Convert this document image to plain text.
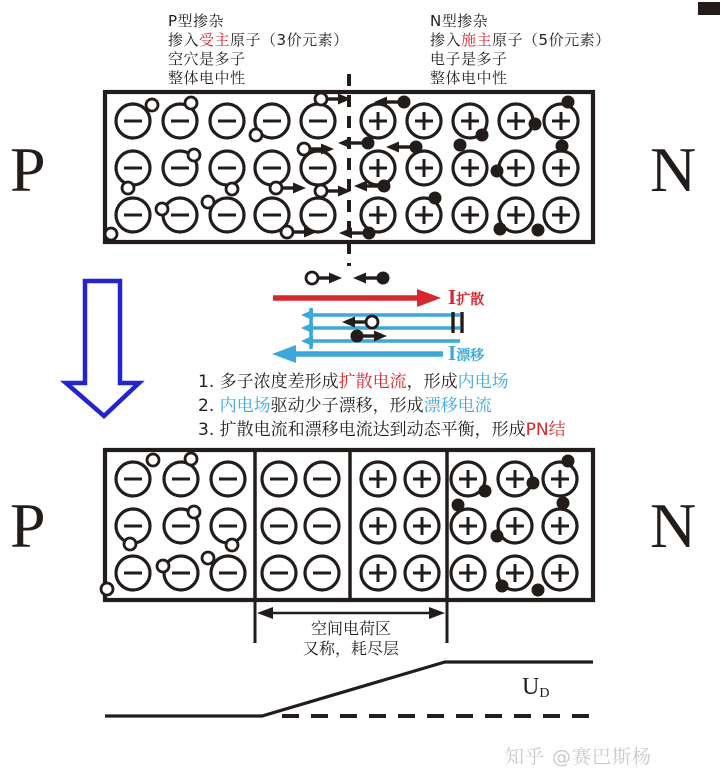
P型掺杂
掺入受主原子（3价元素）
空穴是多子
整体电中性
N型掺杂
掺入施主原子（5价元素）
电子是多子
整体电中性
P	N
P	N
I扩散
I漂移
1. 多子浓度差形成扩散电流，形成内电场
2. 内电场驱动少子漂移，形成漂移电流
3. 扩散电流和漂移电流达到动态平衡，形成PN结
空间电荷区
又称，耗尽层
$U_D$
知乎 @赛巴斯杨
